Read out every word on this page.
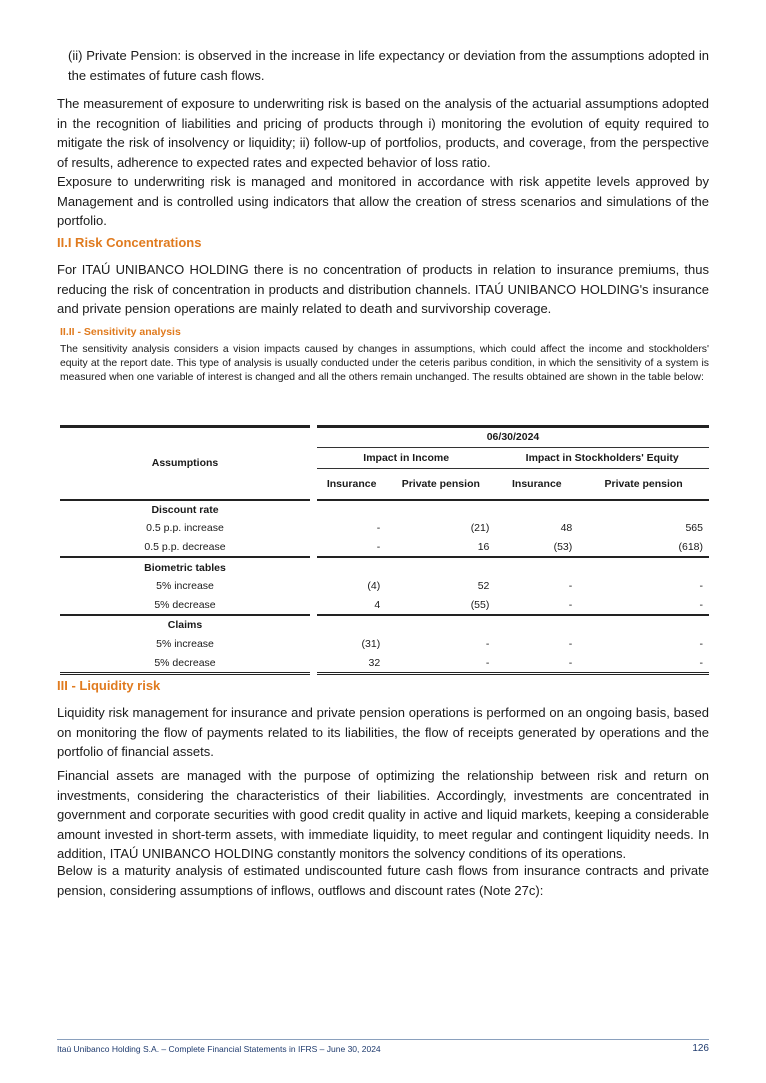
(ii) Private Pension: is observed in the increase in life expectancy or deviation from the assumptions adopted in the estimates of future cash flows.

The measurement of exposure to underwriting risk is based on the analysis of the actuarial assumptions adopted in the recognition of liabilities and pricing of products through i) monitoring the evolution of equity required to mitigate the risk of insolvency or liquidity; ii) follow-up of portfolios, products, and coverage, from the perspective of results, adherence to expected rates and expected behavior of loss ratio.

Exposure to underwriting risk is managed and monitored in accordance with risk appetite levels approved by Management and is controlled using indicators that allow the creation of stress scenarios and simulations of the portfolio.

II.I Risk Concentrations

For ITAÚ UNIBANCO HOLDING there is no concentration of products in relation to insurance premiums, thus reducing the risk of concentration in products and distribution channels. ITAÚ UNIBANCO HOLDING's insurance and private pension operations are mainly related to death and survivorship coverage.

II.II - Sensitivity analysis

The sensitivity analysis considers a vision impacts caused by changes in assumptions, which could affect the income and stockholders' equity at the report date. This type of analysis is usually conducted under the ceteris paribus condition, in which the sensitivity of a system is measured when one variable of interest is changed and all the others remain unchanged. The results obtained are shown in the table below:

Assumptions		06/30/2024			
		Impact in Income		Impact in Stockholders' Equity	
		Insurance	Private pension	Insurance	Private pension
Discount rate					
0.5 p.p. increase		-	(21)	48	565
0.5 p.p. decrease		-	16	(53)	(618)
Biometric tables					
5% increase		(4)	52	-	-
5% decrease		4	(55)	-	-
Claims					
5% increase		(31)	-	-	-
5% decrease		32	-	-	-
III - Liquidity risk

Liquidity risk management for insurance and private pension operations is performed on an ongoing basis, based on monitoring the flow of payments related to its liabilities, the flow of receipts generated by operations and the portfolio of financial assets.

Financial assets are managed with the purpose of optimizing the relationship between risk and return on investments, considering the characteristics of their liabilities. Accordingly, investments are concentrated in government and corporate securities with good credit quality in active and liquid markets, keeping a considerable amount invested in short-term assets, with immediate liquidity, to meet regular and contingent liquidity needs. In addition, ITAÚ UNIBANCO HOLDING constantly monitors the solvency conditions of its operations.

Below is a maturity analysis of estimated undiscounted future cash flows from insurance contracts and private pension, considering assumptions of inflows, outflows and discount rates (Note 27c):

Itaú Unibanco Holding S.A. – Complete Financial Statements in IFRS – June 30, 2024	126
